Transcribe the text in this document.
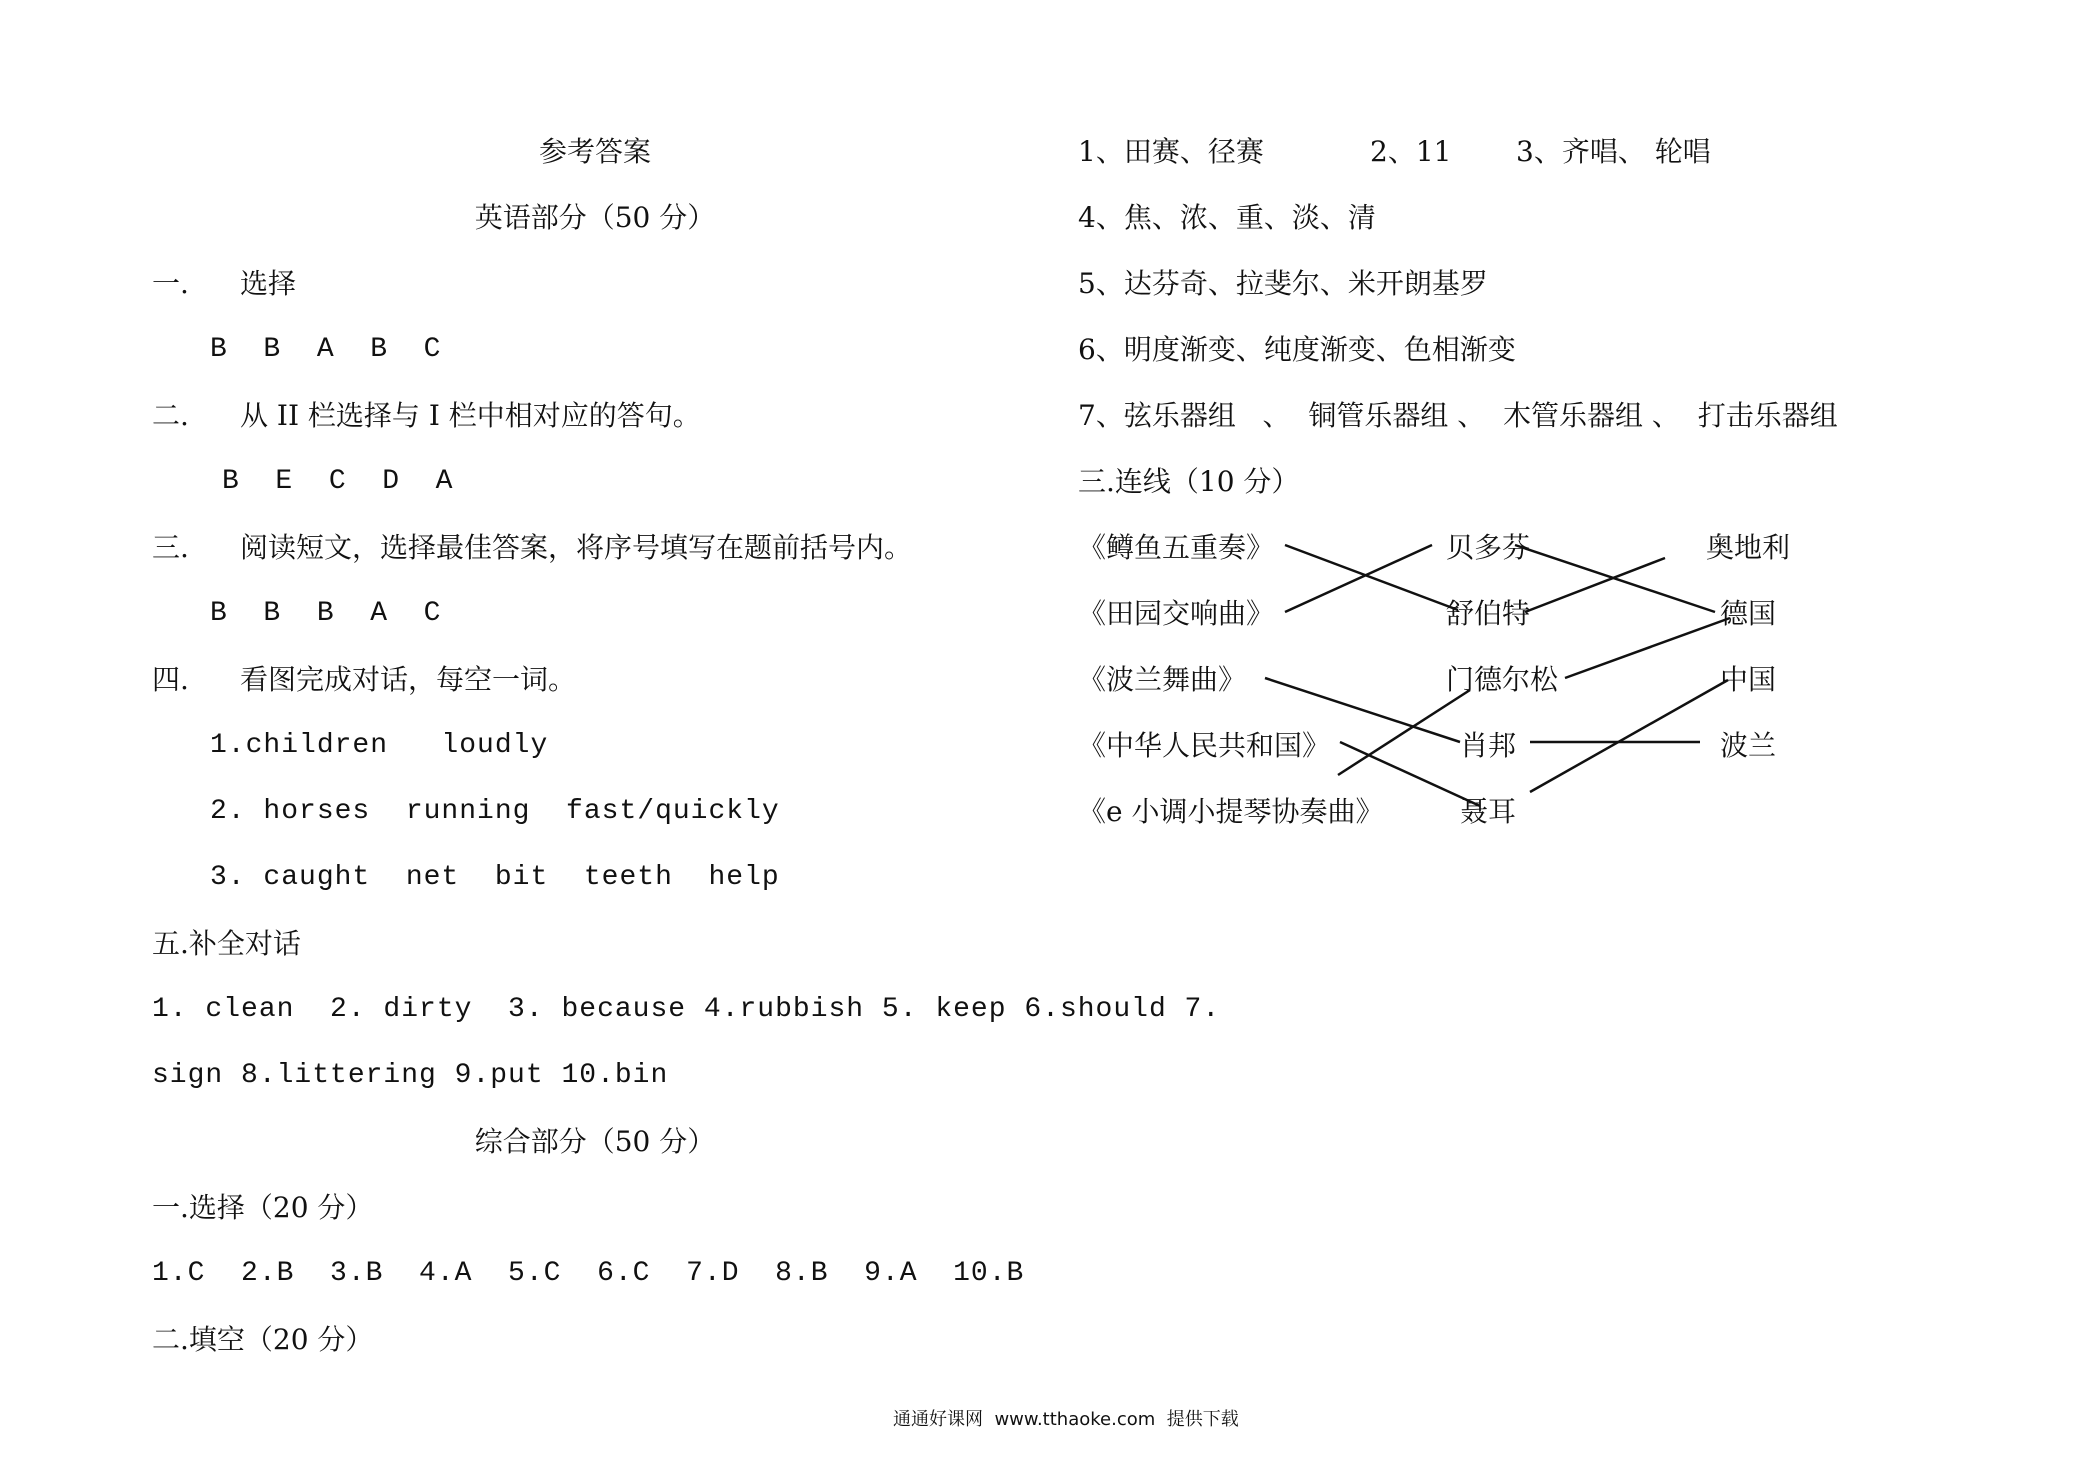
参考答案
英语部分（50 分）
一. 选择
B  B  A  B  C
二. 从 II 栏选择与 I 栏中相对应的答句。
B  E  C  D  A
三. 阅读短文，选择最佳答案，将序号填写在题前括号内。
B  B  B  A  C
四. 看图完成对话，每空一词。
1.children   loudly
2. horses  running  fast/quickly
3. caught  net  bit  teeth  help
五.补全对话
1. clean  2. dirty  3. because 4.rubbish 5. keep 6.should 7.
sign 8.littering 9.put 10.bin
综合部分（50 分）
一.选择（20 分）
1.C  2.B  3.B  4.A  5.C  6.C  7.D  8.B  9.A  10.B
二.填空（20 分）
1、田赛、径赛	2、11 3、齐唱、 轮唱
4、焦、浓、重、淡、清
5、达芬奇、拉斐尔、米开朗基罗
6、明度渐变、纯度渐变、色相渐变
7、弦乐器组   、  铜管乐器组 、  木管乐器组 、  打击乐器组
三.连线（10 分）
《鳟鱼五重奏》
《田园交响曲》
《波兰舞曲》
《中华人民共和国》
《e 小调小提琴协奏曲》
贝多芬
舒伯特
门德尔松
肖邦
聂耳
奥地利
德国
中国
波兰
通通好课网  www.tthaoke.com  提供下载
